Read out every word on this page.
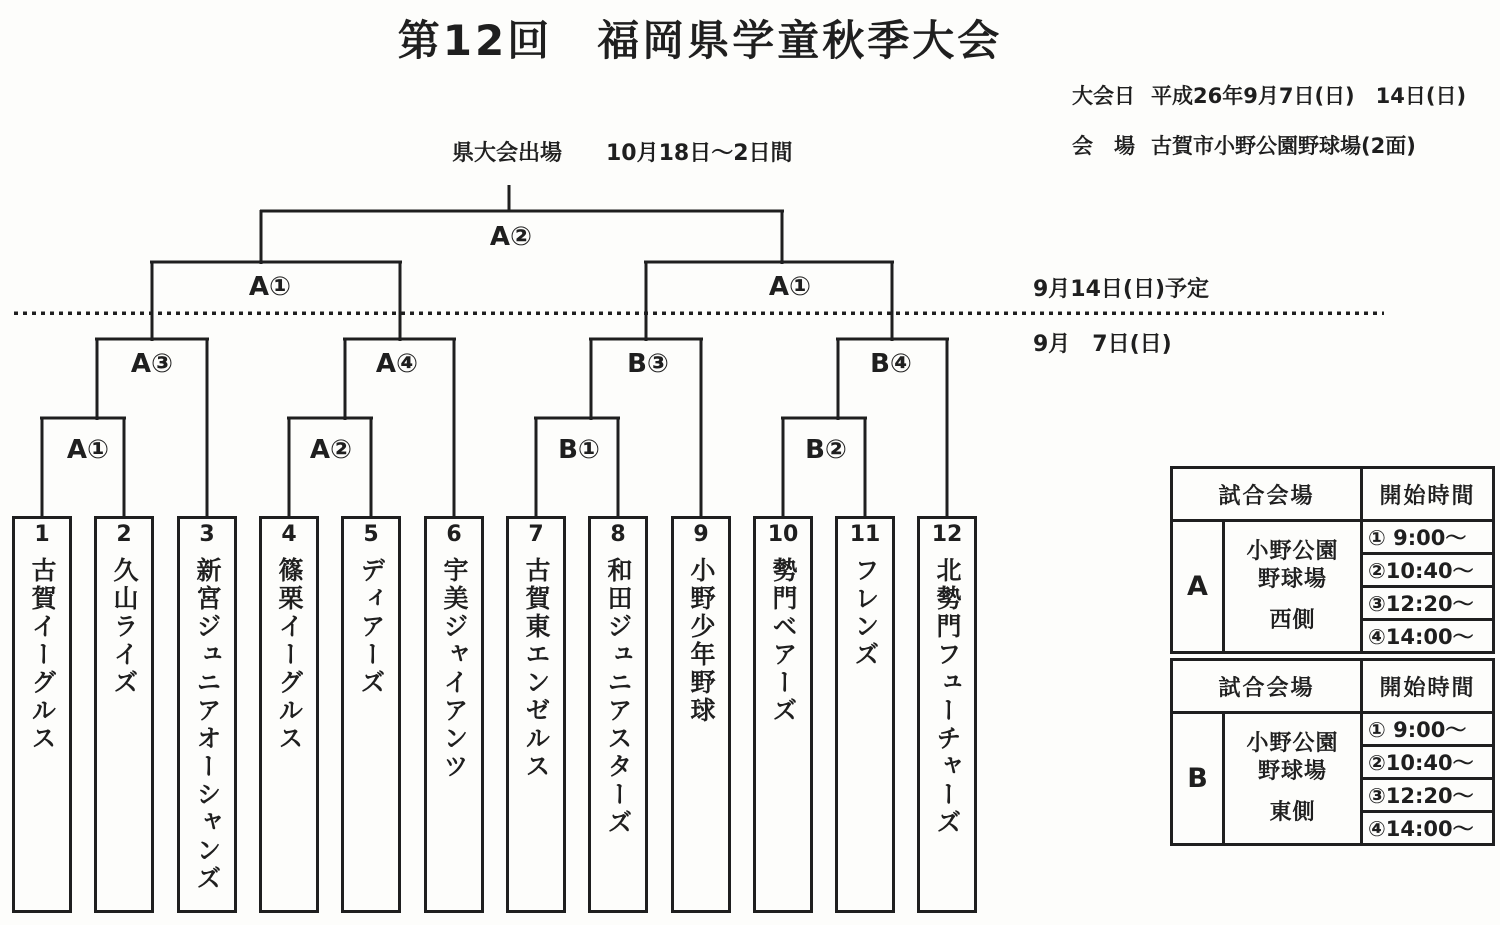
第12回　福岡県学童秋季大会
大会日 平成26年9月7日(日)　14日(日)
会　場 古賀市小野公園野球場(2面)
県大会出場　　10月18日～2日間
A②
A①	A①
A③	A④	B③	B④
A①	A②	B①	B②
9月14日(日)予定
9月　7日(日)
1
古賀イーグルス
2
久山ライズ
3
新宮ジュニアオーシャンズ
4
篠栗イーグルス
5
ディアーズ
6
宇美ジャイアンツ
7
古賀東エンゼルス
8
和田ジュニアスターズ
9
小野少年野球
10
勢門ベアーズ
11
フレンズ
12
北勢門フューチャーズ
試合会場		開始時間
A	小野公園
野球場
西側	① 9:00～
		②10:40～
		③12:20～
		④14:00～
試合会場		開始時間
B	小野公園
野球場
東側	① 9:00～
		②10:40～
		③12:20～
		④14:00～
